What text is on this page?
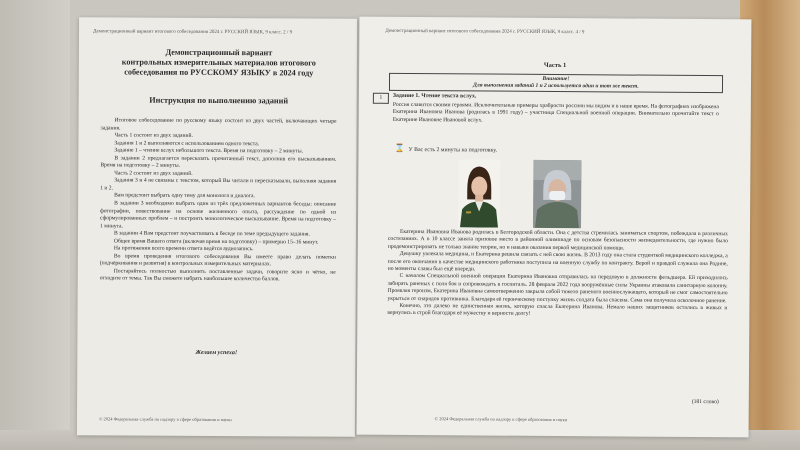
Демонстрационный вариант итогового собеседования 2024 г. РУССКИЙ ЯЗЫК, 9 класс. 2 / 9
Демонстрационный вариант
контрольных измерительных материалов итогового
собеседования по РУССКОМУ ЯЗЫКУ в 2024 году
Инструкция по выполнению заданий

Итоговое собеседование по русскому языку состоит из двух частей, включающих четыре задания.

Часть 1 состоит из двух заданий.

Задания 1 и 2 выполняются с использованием одного текста.

Задание 1 – чтение вслух небольшого текста. Время на подготовку – 2 минуты.

В задании 2 предлагается пересказать прочитанный текст, дополнив его высказыванием. Время на подготовку – 2 минуты.

Часть 2 состоит из двух заданий.

Задания 3 и 4 не связаны с текстом, который Вы читали и пересказывали, выполняя задания 1 и 2.

Вам предстоит выбрать одну тему для монолога и диалога.

В задании 3 необходимо выбрать один из трёх предложенных вариантов беседы: описание фотографии, повествование на основе жизненного опыта, рассуждение по одной из сформулированных проблем – и построить монологическое высказывание. Время на подготовку – 1 минута.

В задании 4 Вам предстоит поучаствовать в беседе по теме предыдущего задания.

Общее время Вашего ответа (включая время на подготовку) – примерно 15–16 минут.

На протяжении всего времени ответа ведётся аудиозапись.

Во время проведения итогового собеседования Вы имеете право делать пометки (подчёркивания и развития) в контрольных измерительных материалах.

Постарайтесь полностью выполнить поставленные задачи, говорите ясно и чётко, не отходите от темы. Так Вы сможете набрать наибольшее количество баллов.

Желаем успеха!
© 2024 Федеральная служба по надзору в сфере образования и науки
Демонстрационный вариант итогового собеседования 2024 г. РУССКИЙ ЯЗЫК, 9 класс. 4 / 9
Часть 1
Внимание!
Для выполнения заданий 1 и 2 используется один и тот же текст.
1	Задание 1. Чтение текста вслух.
Россия славится своими героями. Исключительные примеры храбрости россиян мы видим и в наше время. На фотографиях изображена Екатерина Ивановна Иванова (родилась в 1991 году) – участница Специальной военной операции. Внимательно прочитайте текст о Екатерине Ивановне Ивановой вслух.
⌛ У Вас есть 2 минуты на подготовку.

Екатерина Ивановна Иванова родилась в Белгородской области. Она с детства стремилась заниматься спортом, побеждала в различных состязаниях. А в 10 классе заняла призовое место в районной олимпиаде по основам безопасности жизнедеятельности, где нужно было продемонстрировать не только знание теории, но и навыки оказания первой медицинской помощи.

Девушку увлекала медицина, и Екатерина решила связать с ней свою жизнь. В 2013 году она стала студенткой медицинского колледжа, а после его окончания в качестве медицинского работника поступила на военную службу по контракту. Верой и правдой служила она Родине, но моменты славы был ещё впереди.

С началом Специальной военной операции Екатерина Ивановна отправилась на передовую в должности фельдшера. Ей приходилось забирать раненых с поля боя и сопровождать в госпиталь. 28 февраля 2022 года вооружённые силы Украины атаковали санитарную колонну. Проявляя героизм, Екатерина Ивановна самоотверженно закрыла собой тяжело раненого военнослужащего, который не смог самостоятельно укрыться от снарядов противника. Благодаря её героическому поступку жизнь солдата была спасена. Сама она получила осколочное ранение.

Конечно, это далеко не единственная жизнь, которую спасла Екатерина Иванова. Немало наших защитников остались в живых и вернулись в строй благодаря её мужеству и верности долгу!

(181 слово)
© 2024 Федеральная служба по надзору в сфере образования и науки
